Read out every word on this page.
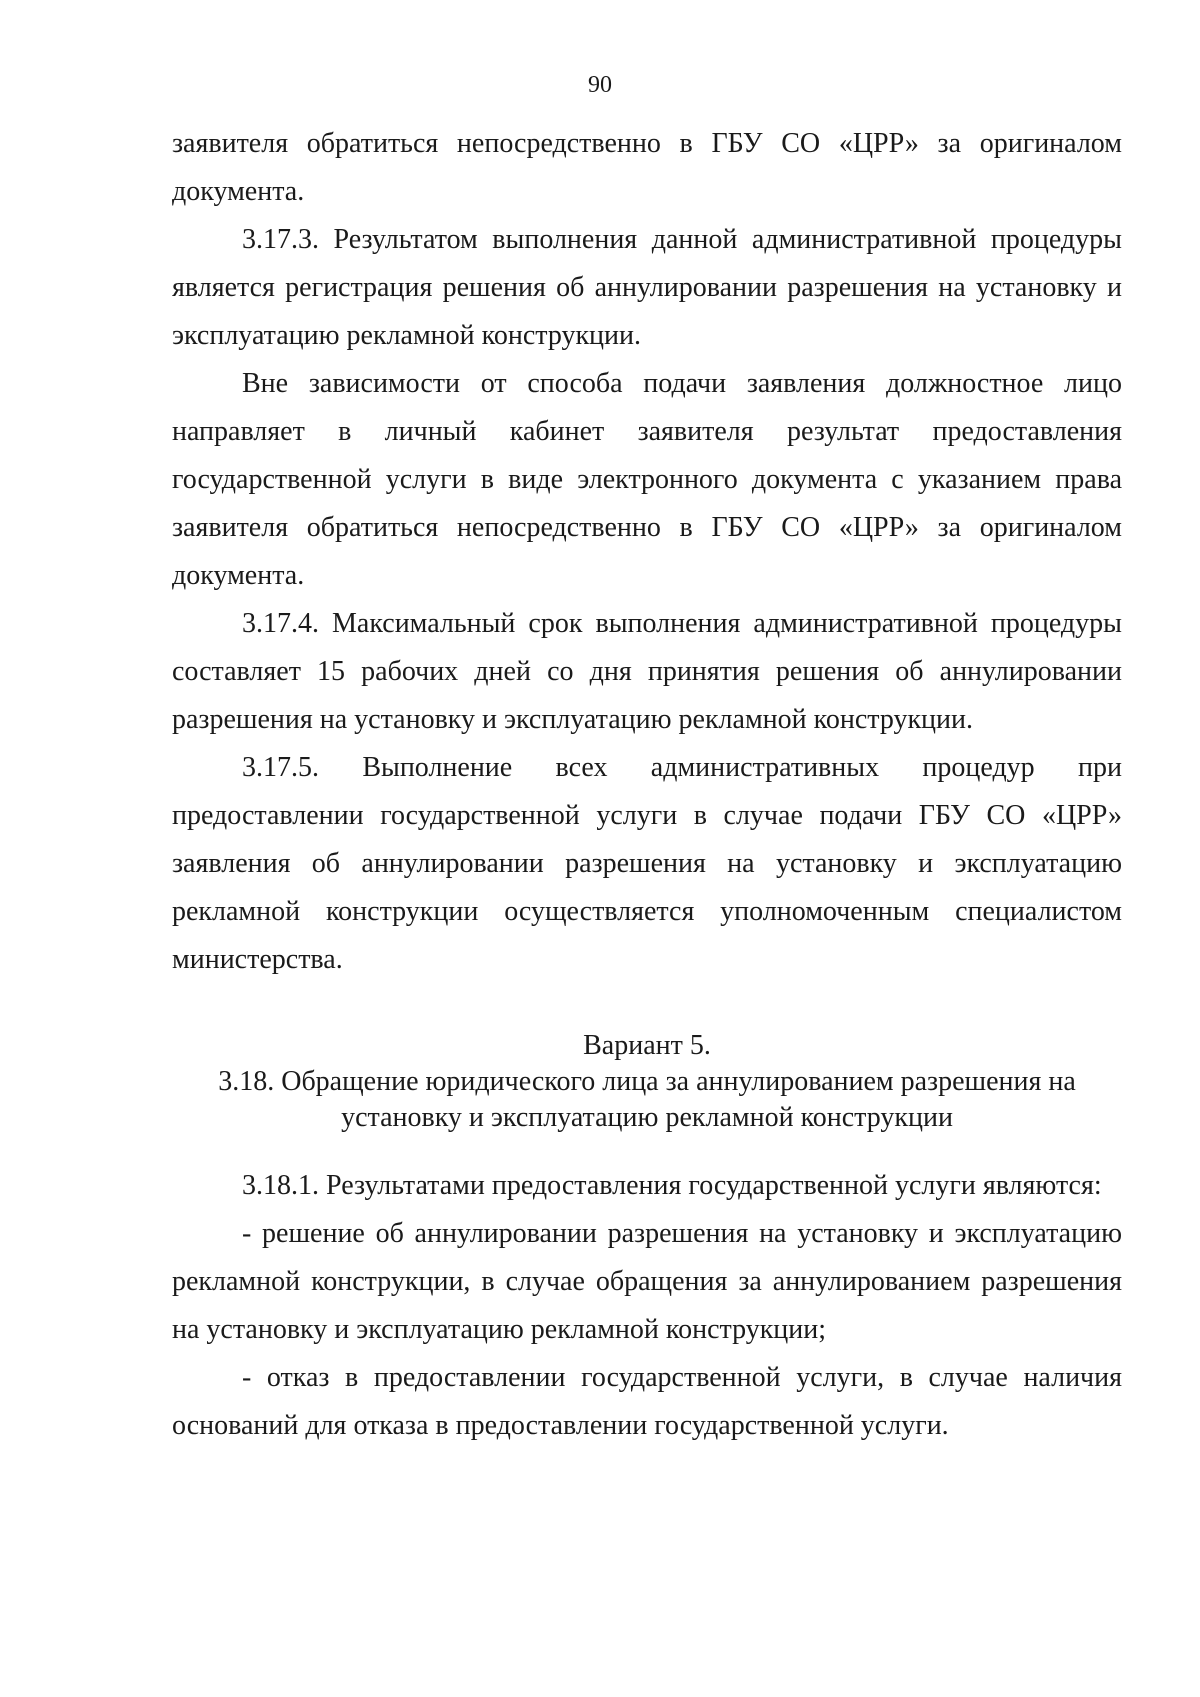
90

заявителя обратиться непосредственно в ГБУ СО «ЦРР» за оригиналом документа.

3.17.3. Результатом выполнения данной административной процедуры является регистрация решения об аннулировании разрешения на установку и эксплуатацию рекламной конструкции.

Вне зависимости от способа подачи заявления должностное лицо направляет в личный кабинет заявителя результат предоставления государственной услуги в виде электронного документа с указанием права заявителя обратиться непосредственно в ГБУ СО «ЦРР» за оригиналом документа.

3.17.4. Максимальный срок выполнения административной процедуры составляет 15 рабочих дней со дня принятия решения об аннулировании разрешения на установку и эксплуатацию рекламной конструкции.

3.17.5. Выполнение всех административных процедур при предоставлении государственной услуги в случае подачи ГБУ СО «ЦРР» заявления об аннулировании разрешения на установку и эксплуатацию рекламной конструкции осуществляется уполномоченным специалистом министерства.

Вариант 5.

3.18. Обращение юридического лица за аннулированием разрешения на

установку и эксплуатацию рекламной конструкции

3.18.1. Результатами предоставления государственной услуги являются:

- решение об аннулировании разрешения на установку и эксплуатацию рекламной конструкции, в случае обращения за аннулированием разрешения на установку и эксплуатацию рекламной конструкции;

- отказ в предоставлении государственной услуги, в случае наличия оснований для отказа в предоставлении государственной услуги.
